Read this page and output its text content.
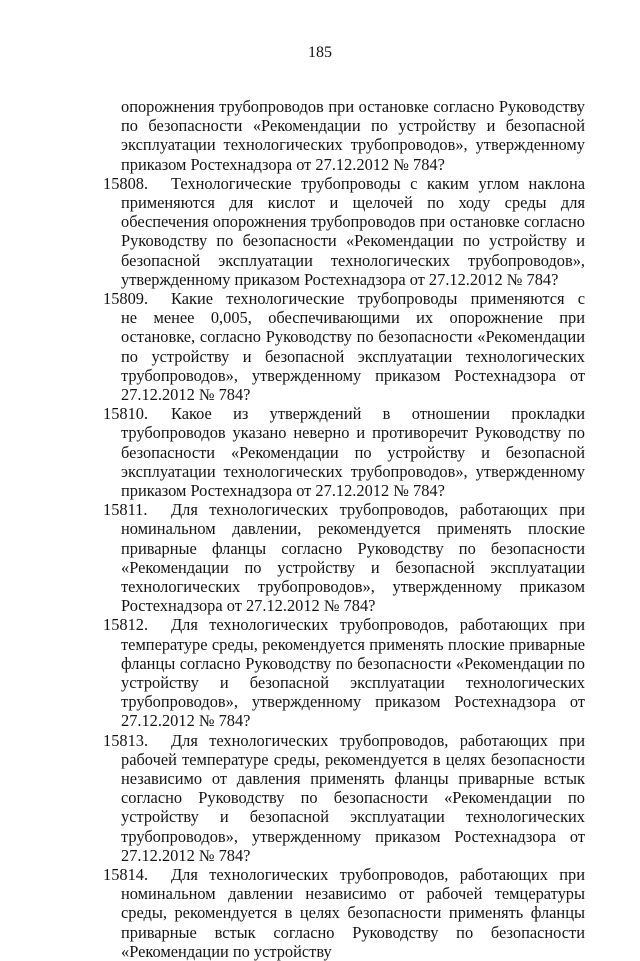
185
опорожнения трубопроводов при остановке согласно Руководству по безопасности «Рекомендации по устройству и безопасной эксплуатации технологических трубопроводов», утвержденному приказом Ростехнадзора от 27.12.2012 № 784?
15808.	Технологические трубопроводы с каким углом наклона
применяются для кислот и щелочей по ходу среды для обеспечения опорожнения трубопроводов при остановке согласно Руководству по безопасности «Рекомендации по устройству и безопасной эксплуатации технологических трубопроводов», утвержденному приказом Ростехнадзора от 27.12.2012 № 784?
15809.	Какие технологические трубопроводы применяются с
не менее 0,005, обеспечивающими их опорожнение при остановке, согласно Руководству по безопасности «Рекомендации по устройству и безопасной эксплуатации технологических трубопроводов», утвержденному приказом Ростехнадзора от 27.12.2012 № 784?
15810.	Какое из утверждений в отношении прокладки
трубопроводов указано неверно и противоречит Руководству по безопасности «Рекомендации по устройству и безопасной эксплуатации технологических трубопроводов», утвержденному приказом Ростехнадзора от 27.12.2012 № 784?
15811.	Для технологических трубопроводов, работающих при
номинальном давлении, рекомендуется применять плоские приварные фланцы согласно Руководству по безопасности «Рекомендации по устройству и безопасной эксплуатации технологических трубопроводов», утвержденному приказом Ростехнадзора от 27.12.2012 № 784?
15812.	Для технологических трубопроводов, работающих при
температуре среды, рекомендуется применять плоские приварные фланцы согласно Руководству по безопасности «Рекомендации по устройству и безопасной эксплуатации технологических трубопроводов», утвержденному приказом Ростехнадзора от 27.12.2012 № 784?
15813.	Для технологических трубопроводов, работающих при
рабочей температуре среды, рекомендуется в целях безопасности независимо от давления применять фланцы приварные встык согласно Руководству по безопасности «Рекомендации по устройству и безопасной эксплуатации технологических трубопроводов», утвержденному приказом Ростехнадзора от 27.12.2012 № 784?
15814.	Для технологических трубопроводов, работающих при
номинальном давлении независимо от рабочей темцературы среды, рекомендуется в целях безопасности применять фланцы приварные встык согласно Руководству по безопасности «Рекомендации по устройству
